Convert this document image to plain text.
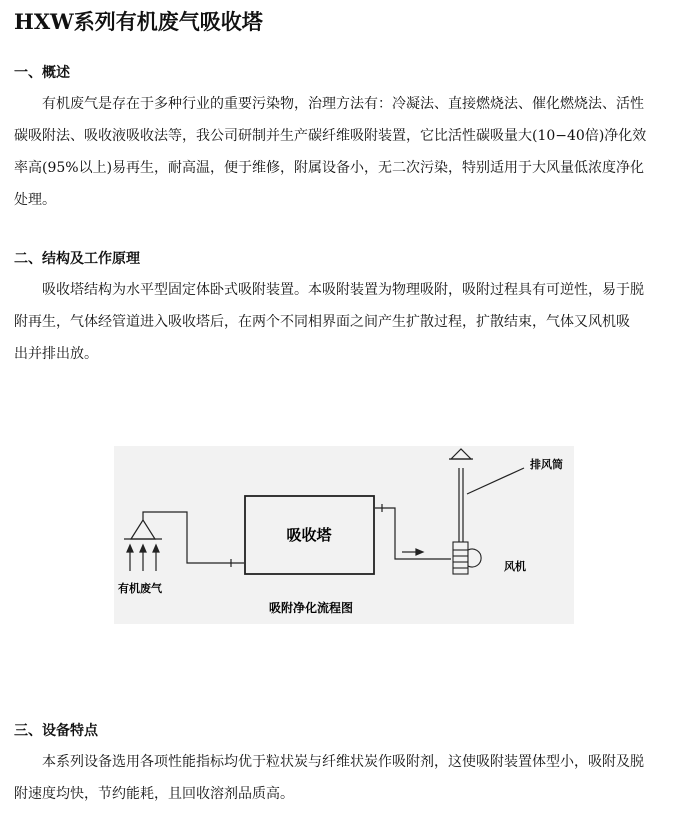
HXW系列有机废气吸收塔
一、概述
　　有机废气是存在于多种行业的重要污染物，治理方法有：冷凝法、直接燃烧法、催化燃烧法、活性
碳吸附法、吸收液吸收法等，我公司研制并生产碳纤维吸附装置，它比活性碳吸量大(10−40倍)净化效
率高(95%以上)易再生，耐高温，便于维修，附属设备小，无二次污染，特别适用于大风量低浓度净化
处理。
二、结构及工作原理
　　吸收塔结构为水平型固定体卧式吸附装置。本吸附装置为物理吸附，吸附过程具有可逆性，易于脱
附再生，气体经管道进入吸收塔后，在两个不同相界面之间产生扩散过程，扩散结束，气体又风机吸
出并排出放。
有机废气
吸收塔
风机
排风筒
吸附净化流程图
三、设备特点
　　本系列设备选用各项性能指标均优于粒状炭与纤维状炭作吸附剂，这使吸附装置体型小，吸附及脱
附速度均快，节约能耗，且回收溶剂品质高。
